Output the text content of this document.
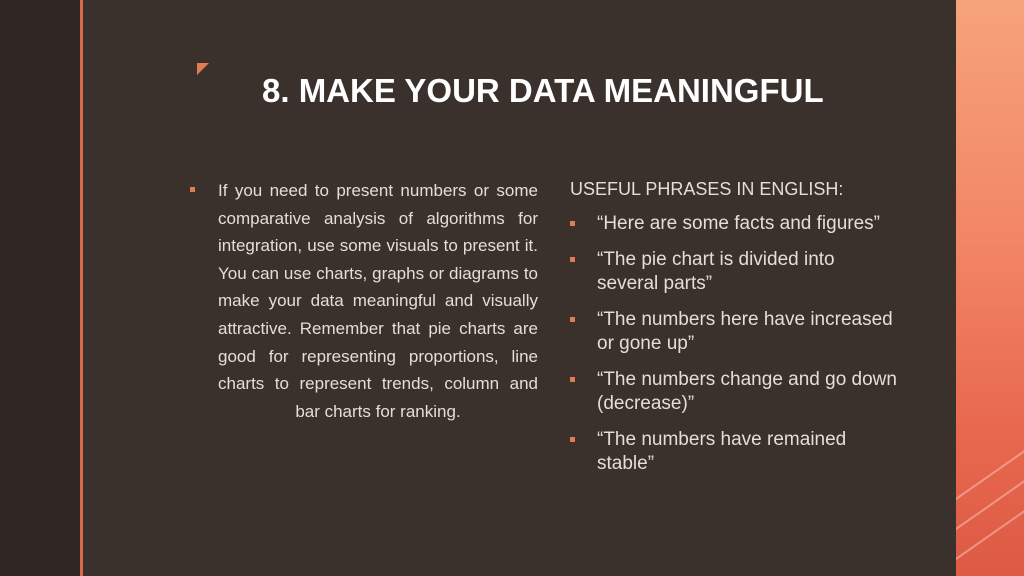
8. MAKE YOUR DATA MEANINGFUL
If you need to present numbers or some comparative analysis of algorithms for integration, use some visuals to present it. You can use charts, graphs or diagrams to make your data meaningful and visually attractive. Remember that pie charts are good for representing proportions, line charts to represent trends, column and bar charts for ranking.
USEFUL PHRASES IN ENGLISH:
“Here are some facts and figures”
“The pie chart is divided into several parts”
“The numbers here have increased or gone up”
“The numbers change and go down (decrease)”
“The numbers have remained stable”
